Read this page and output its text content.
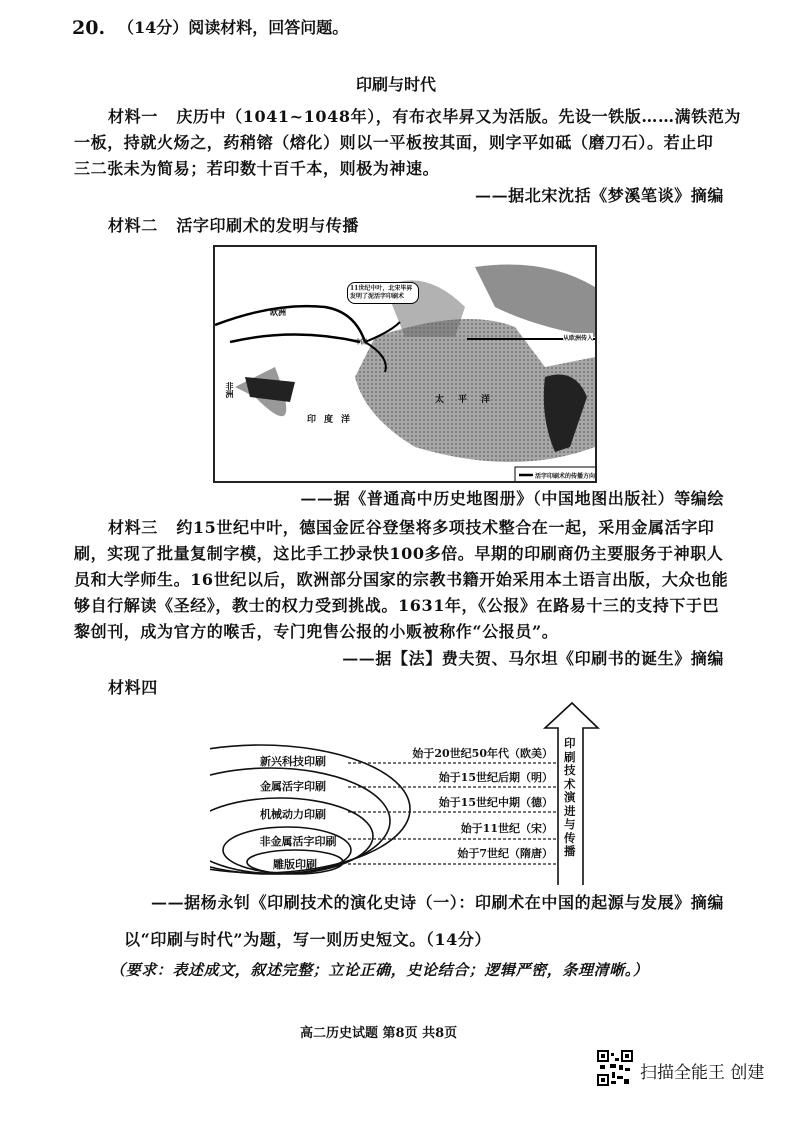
20. （14分）阅读材料，回答问题。
印刷与时代
材料一 庆历中（1041~1048年），有布衣毕昇又为活版。先设一铁版……满铁范为
一板，持就火炀之，药稍镕（熔化）则以一平板按其面，则字平如砥（磨刀石）。若止印
三二张未为简易；若印数十百千本，则极为神速。
——据北宋沈括《梦溪笔谈》摘编
材料二 活字印刷术的发明与传播
11世纪中叶，北宋毕昇发明了泥活字印刷术
活字印刷术的传播方向
欧洲
非洲
印度洋
太平洋
中国
从欧洲传入
——据《普通高中历史地图册》（中国地图出版社）等编绘
材料三 约15世纪中叶，德国金匠谷登堡将多项技术整合在一起，采用金属活字印
刷，实现了批量复制字模，这比手工抄录快100多倍。早期的印刷商仍主要服务于神职人
员和大学师生。16世纪以后，欧洲部分国家的宗教书籍开始采用本土语言出版，大众也能
够自行解读《圣经》，教士的权力受到挑战。1631年，《公报》在路易十三的支持下于巴
黎创刊，成为官方的喉舌，专门兜售公报的小贩被称作“公报员”。
——据【法】费夫贺、马尔坦《印刷书的诞生》摘编
材料四
新兴科技印刷
金属活字印刷
机械动力印刷
非金属活字印刷
雕版印刷
始于20世纪50年代（欧美）
始于15世纪后期（明）
始于15世纪中期（德）
始于11世纪（宋）
始于7世纪（隋唐）
印刷技术演进与传播
——据杨永钊《印刷技术的演化史诗（一）：印刷术在中国的起源与发展》摘编
以“印刷与时代”为题，写一则历史短文。（14分）
（要求：表述成文，叙述完整；立论正确，史论结合；逻辑严密，条理清晰。）
高二历史试题 第8页 共8页
扫描全能王 创建
